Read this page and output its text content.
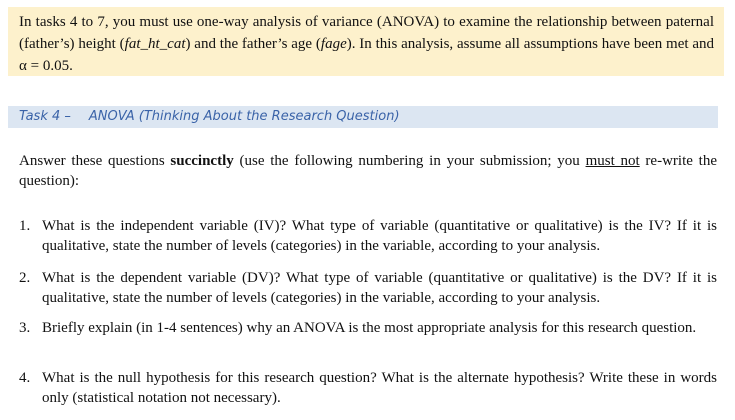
In tasks 4 to 7, you must use one-way analysis of variance (ANOVA) to examine the relationship between paternal (father’s) height (fat_ht_cat) and the father’s age (fage). In this analysis, assume all assumptions have been met and α = 0.05.
Task 4 – ANOVA (Thinking About the Research Question)
Answer these questions succinctly (use the following numbering in your submission; you must not re-write the question):
1. What is the independent variable (IV)? What type of variable (quantitative or qualitative) is the IV? If it is qualitative, state the number of levels (categories) in the variable, according to your analysis.
2. What is the dependent variable (DV)? What type of variable (quantitative or qualitative) is the DV? If it is qualitative, state the number of levels (categories) in the variable, according to your analysis.
3. Briefly explain (in 1-4 sentences) why an ANOVA is the most appropriate analysis for this research question.
4. What is the null hypothesis for this research question? What is the alternate hypothesis? Write these in words only (statistical notation not necessary).
